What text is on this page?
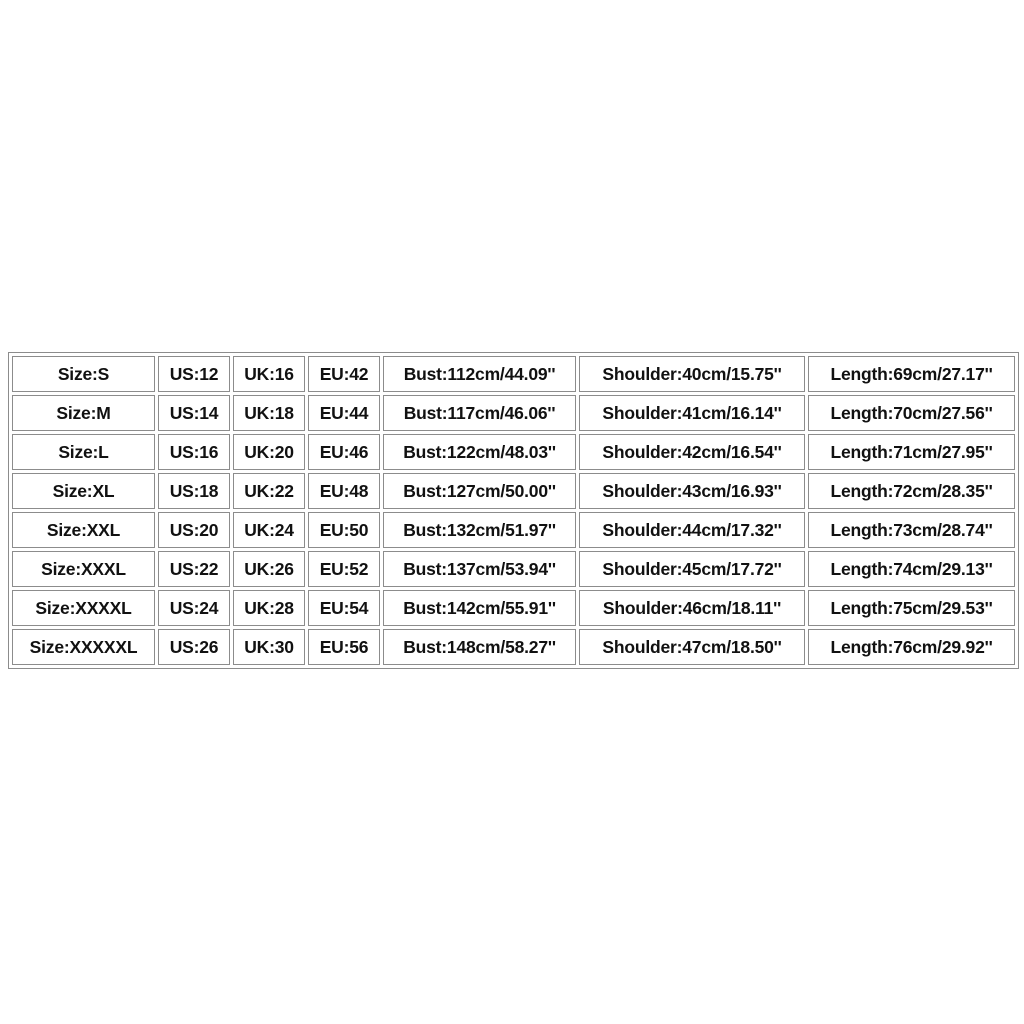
Size:S	US:12	UK:16	EU:42	Bust:112cm/44.09''	Shoulder:40cm/15.75''	Length:69cm/27.17''
Size:M	US:14	UK:18	EU:44	Bust:117cm/46.06''	Shoulder:41cm/16.14''	Length:70cm/27.56''
Size:L	US:16	UK:20	EU:46	Bust:122cm/48.03''	Shoulder:42cm/16.54''	Length:71cm/27.95''
Size:XL	US:18	UK:22	EU:48	Bust:127cm/50.00''	Shoulder:43cm/16.93''	Length:72cm/28.35''
Size:XXL	US:20	UK:24	EU:50	Bust:132cm/51.97''	Shoulder:44cm/17.32''	Length:73cm/28.74''
Size:XXXL	US:22	UK:26	EU:52	Bust:137cm/53.94''	Shoulder:45cm/17.72''	Length:74cm/29.13''
Size:XXXXL	US:24	UK:28	EU:54	Bust:142cm/55.91''	Shoulder:46cm/18.11''	Length:75cm/29.53''
Size:XXXXXL	US:26	UK:30	EU:56	Bust:148cm/58.27''	Shoulder:47cm/18.50''	Length:76cm/29.92''
